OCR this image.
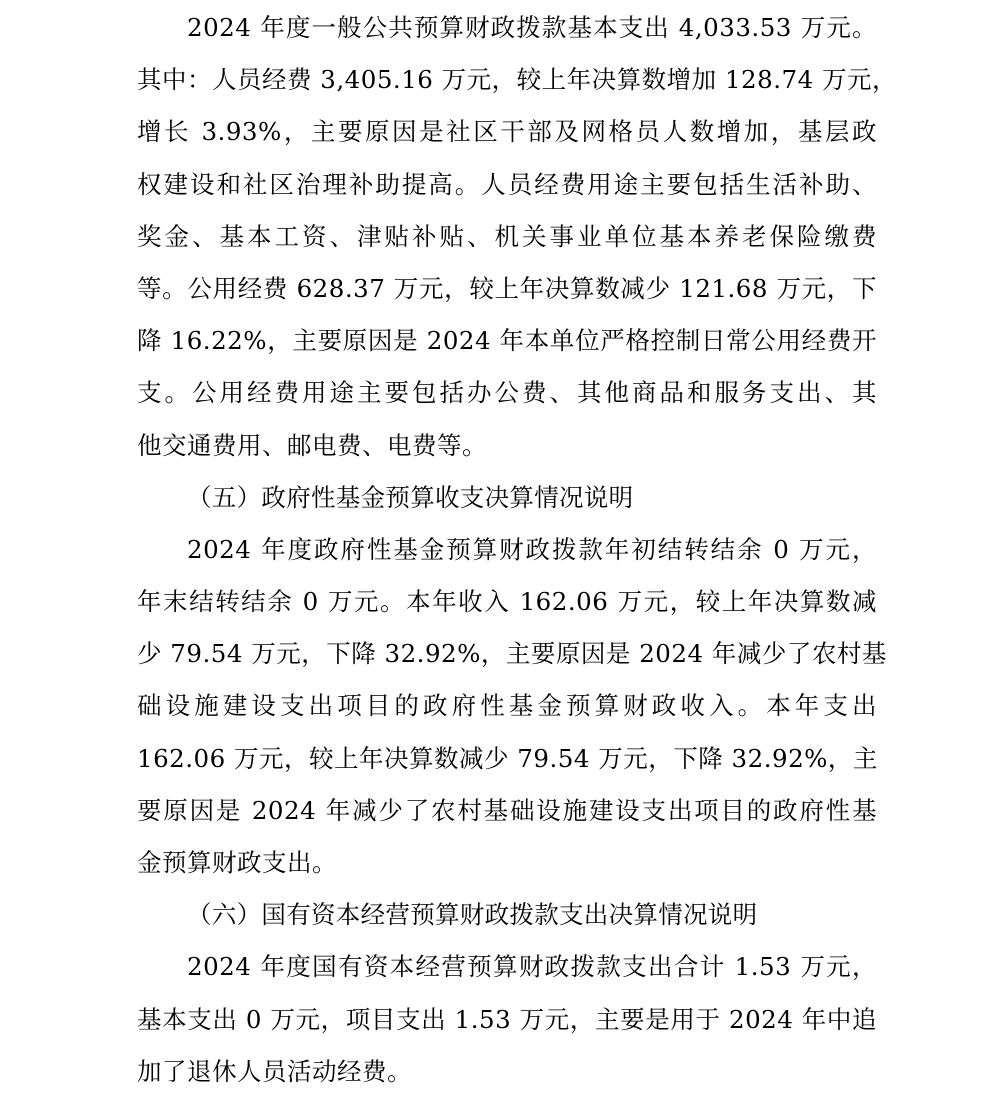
2024 年度一般公共预算财政拨款基本支出 4,033.53 万元。
其中：人员经费 3,405.16 万元，较上年决算数增加 128.74 万元，
增长 3.93%，主要原因是社区干部及网格员人数增加，基层政
权建设和社区治理补助提高。人员经费用途主要包括生活补助、
奖金、基本工资、津贴补贴、机关事业单位基本养老保险缴费
等。公用经费 628.37 万元，较上年决算数减少 121.68 万元，下
降 16.22%，主要原因是 2024 年本单位严格控制日常公用经费开
支。公用经费用途主要包括办公费、其他商品和服务支出、其
他交通费用、邮电费、电费等。
（五）政府性基金预算收支决算情况说明
2024 年度政府性基金预算财政拨款年初结转结余 0 万元，
年末结转结余 0 万元。本年收入 162.06 万元，较上年决算数减
少 79.54 万元，下降 32.92%，主要原因是 2024 年减少了农村基
础设施建设支出项目的政府性基金预算财政收入。本年支出
162.06 万元，较上年决算数减少 79.54 万元，下降 32.92%，主
要原因是 2024 年减少了农村基础设施建设支出项目的政府性基
金预算财政支出。
（六）国有资本经营预算财政拨款支出决算情况说明
2024 年度国有资本经营预算财政拨款支出合计 1.53 万元，
基本支出 0 万元，项目支出 1.53 万元，主要是用于 2024 年中追
加了退休人员活动经费。
